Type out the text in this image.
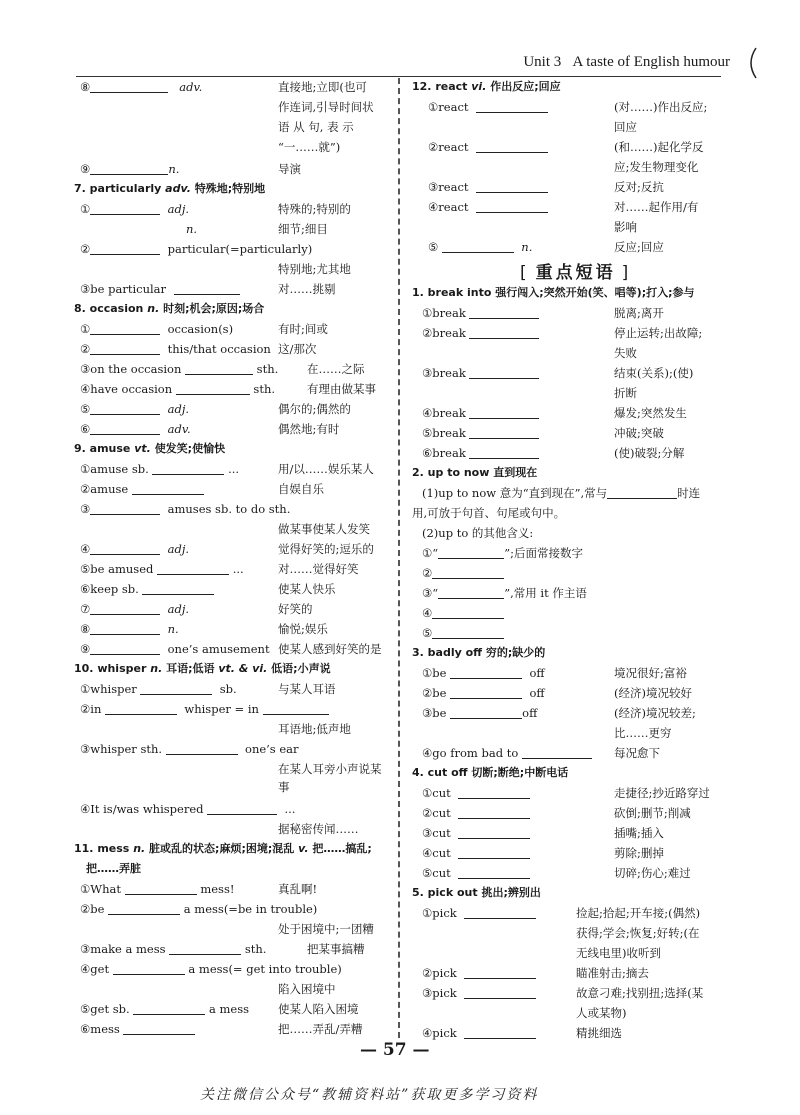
Unit 3 A taste of English humour
⑧	adv.	直接地;立即(也可
作连词,引导时间状
语 从 句, 表 示
“一……就”)
⑨	n.	导演
7. particularly adv. 特殊地;特别地
①	adj.	特殊的;特别的
n.	细节;细目
②	particular(=particularly)
特别地;尤其地
③be particular	对……挑剔
8. occasion n. 时刻;机会;原因;场合
①	occasion(s)	有时;间或
②	this/that occasion 这/那次
③on the occasion	sth. 在……之际
④have occasion	sth.	有理由做某事
⑤	adj.	偶尔的;偶然的
⑥	adv.	偶然地;有时
9. amuse vt. 使发笑;使愉快
①amuse sb.	...	用/以……娱乐某人
②amuse	自娱自乐
③	amuses sb. to do sth.
做某事使某人发笑
④	adj.	觉得好笑的;逗乐的
⑤be amused	...	对……觉得好笑
⑥keep sb.	使某人快乐
⑦	adj.	好笑的
⑧	n.	愉悦;娱乐
⑨	one’s amusement 使某人感到好笑的是
10. whisper n. 耳语;低语 vt. & vi. 低语;小声说
①whisper	sb.	与某人耳语
②in	whisper = in
耳语地;低声地
③whisper sth.	one’s ear
在某人耳旁小声说某事
④It is/was whispered	...
据秘密传闻……
11. mess n. 脏或乱的状态;麻烦;困境;混乱 v. 把……搞乱;
把……弄脏
①What	mess!	真乱啊!
②be	a mess(=be in trouble)
处于困境中;一团糟
③make a mess	sth.	把某事搞糟
④get	a mess(= get into trouble)
陷入困境中
⑤get sb.	a mess	使某人陷入困境
⑥mess	把……弄乱/弄糟
12. react vi. 作出反应;回应
①react	(对……)作出反应;
回应
②react	(和……)起化学反
应;发生物理变化
③react	反对;反抗
④react	对……起作用/有
影响
⑤	n.	反应;回应
1. break into 强行闯入;突然开始(笑、唱等);打入;参与
①break	脱离;离开
②break	停止运转;出故障;
失败
③break	结束(关系);(使)
折断
④break	爆发;突然发生
⑤break	冲破;突破
⑥break	(使)破裂;分解
2. up to now 直到现在
(1)up to now 意为“直到现在”,常与	时连
用,可放于句首、句尾或句中。
(2)up to 的其他含义:
①“	”;后面常接数字
②
③“	”,常用 it 作主语
④
⑤
3. badly off 穷的;缺少的
①be	off	境况很好;富裕
②be	off	(经济)境况较好
③be	off	(经济)境况较差;
比……更穷
④go from bad to	每况愈下
4. cut off 切断;断绝;中断电话
①cut	走捷径;抄近路穿过
②cut	砍倒;删节;削减
③cut	插嘴;插入
④cut	剪除;删掉
⑤cut	切碎;伤心;难过
5. pick out 挑出;辨别出
①pick	捡起;拾起;开车接;(偶然)
获得;学会;恢复;好转;(在
无线电里)收听到
②pick	瞄准射击;摘去
③pick	故意刁难;找别扭;选择(某
人或某物)
④pick	精挑细选
[ 重点短语 ]
— 57 —
关注微信公众号“教辅资料站”获取更多学习资料
